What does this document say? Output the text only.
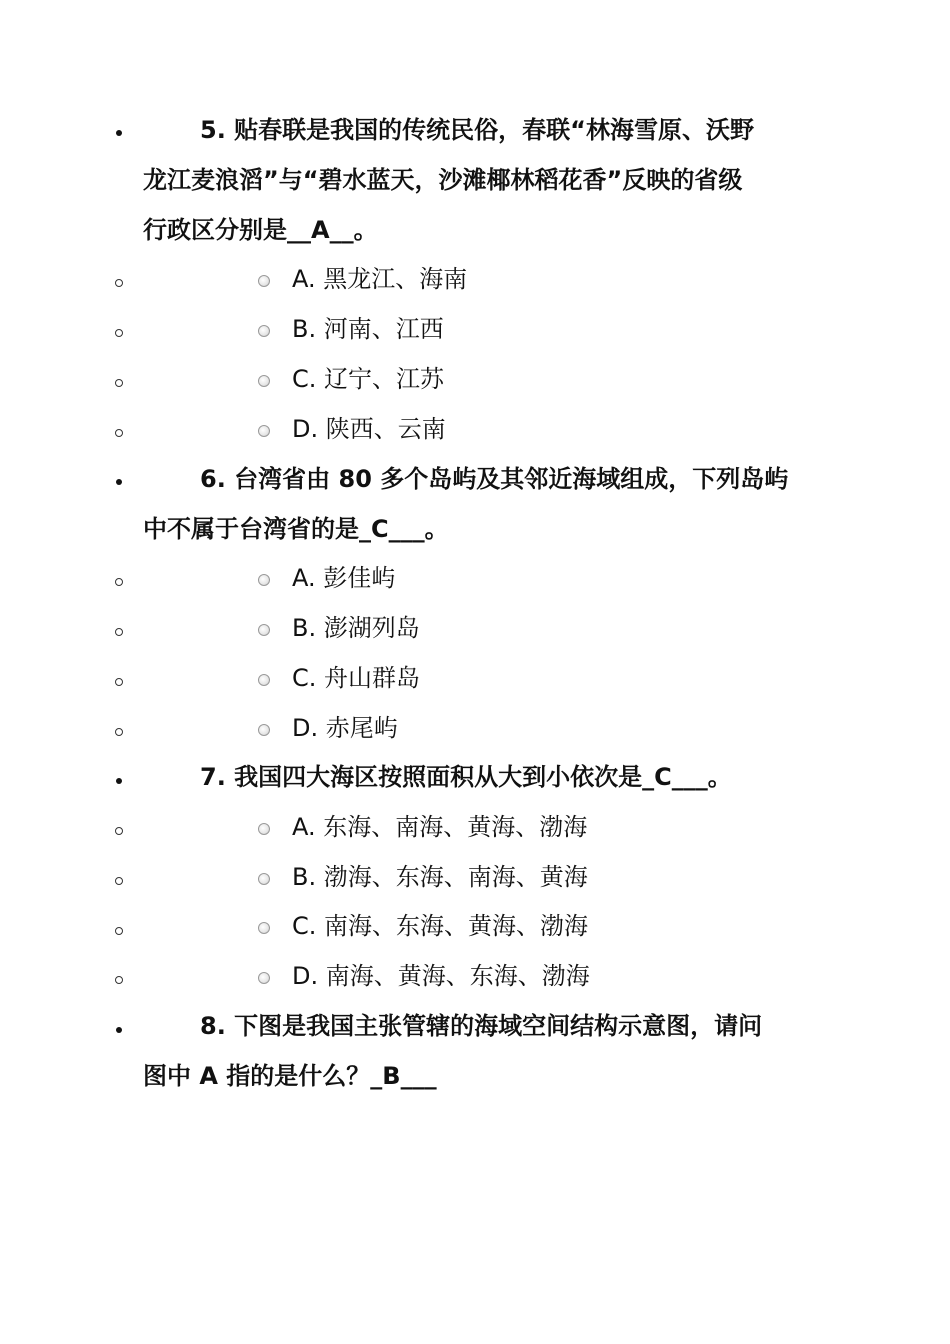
5. 贴春联是我国的传统民俗，春联“林海雪原、沃野
龙江麦浪滔”与“碧水蓝天，沙滩椰林稻花香”反映的省级
行政区分别是__A__。
A. 黑龙江、海南
B. 河南、江西
C. 辽宁、江苏
D. 陕西、云南
6. 台湾省由 80 多个岛屿及其邻近海域组成，下列岛屿
中不属于台湾省的是_C___。
A. 彭佳屿
B. 澎湖列岛
C. 舟山群岛
D. 赤尾屿
7. 我国四大海区按照面积从大到小依次是_C___。
A. 东海、南海、黄海、渤海
B. 渤海、东海、南海、黄海
C. 南海、东海、黄海、渤海
D. 南海、黄海、东海、渤海
8. 下图是我国主张管辖的海域空间结构示意图，请问
图中 A 指的是什么？_B___
